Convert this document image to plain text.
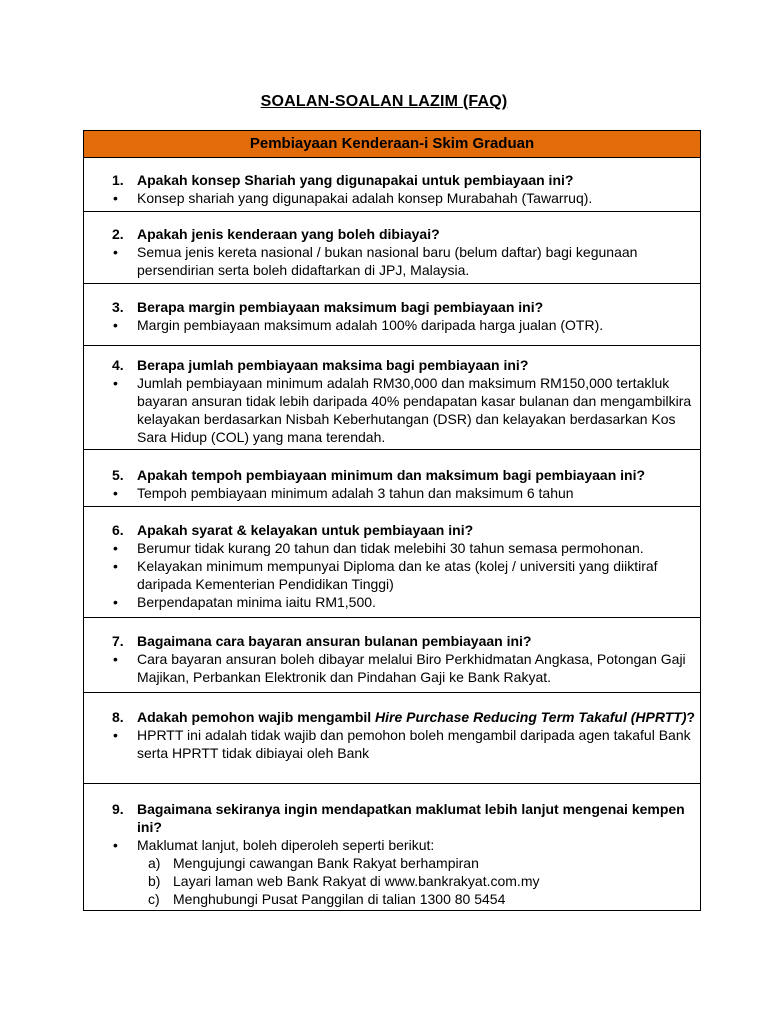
SOALAN-SOALAN LAZIM (FAQ)
Pembiayaan Kenderaan-i Skim Graduan
1. Apakah konsep Shariah yang digunapakai untuk pembiayaan ini?
• Konsep shariah yang digunapakai adalah konsep Murabahah (Tawarruq).
2. Apakah jenis kenderaan yang boleh dibiayai?
• Semua jenis kereta nasional / bukan nasional baru (belum daftar) bagi kegunaan persendirian serta boleh didaftarkan di JPJ, Malaysia.
3. Berapa margin pembiayaan maksimum bagi pembiayaan ini?
• Margin pembiayaan maksimum adalah 100% daripada harga jualan (OTR).
4. Berapa jumlah pembiayaan maksima bagi pembiayaan ini?
• Jumlah pembiayaan minimum adalah RM30,000 dan maksimum RM150,000 tertakluk bayaran ansuran tidak lebih daripada 40% pendapatan kasar bulanan dan mengambilkira kelayakan berdasarkan Nisbah Keberhutangan (DSR) dan kelayakan berdasarkan Kos Sara Hidup (COL) yang mana terendah.
5. Apakah tempoh pembiayaan minimum dan maksimum bagi pembiayaan ini?
• Tempoh pembiayaan minimum adalah 3 tahun dan maksimum 6 tahun
6. Apakah syarat & kelayakan untuk pembiayaan ini?
• Berumur tidak kurang 20 tahun dan tidak melebihi 30 tahun semasa permohonan.
• Kelayakan minimum mempunyai Diploma dan ke atas (kolej / universiti yang diiktiraf daripada Kementerian Pendidikan Tinggi)
• Berpendapatan minima iaitu RM1,500.
7. Bagaimana cara bayaran ansuran bulanan pembiayaan ini?
• Cara bayaran ansuran boleh dibayar melalui Biro Perkhidmatan Angkasa, Potongan Gaji Majikan, Perbankan Elektronik dan Pindahan Gaji ke Bank Rakyat.
8. Adakah pemohon wajib mengambil Hire Purchase Reducing Term Takaful (HPRTT)?
• HPRTT ini adalah tidak wajib dan pemohon boleh mengambil daripada agen takaful Bank serta HPRTT tidak dibiayai oleh Bank
9. Bagaimana sekiranya ingin mendapatkan maklumat lebih lanjut mengenai kempen ini?
• Maklumat lanjut, boleh diperoleh seperti berikut:
a) Mengujungi cawangan Bank Rakyat berhampiran
b) Layari laman web Bank Rakyat di www.bankrakyat.com.my
c) Menghubungi Pusat Panggilan di talian 1300 80 5454
